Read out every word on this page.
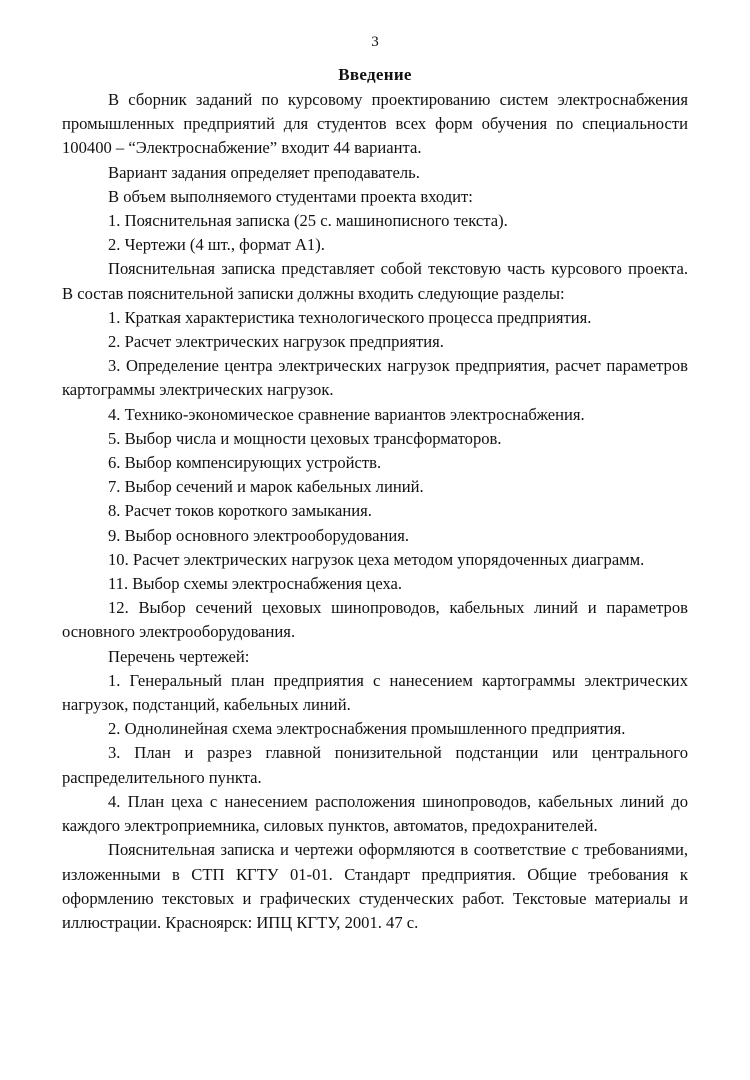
3
Введение

В сборник заданий по курсовому проектированию систем электроснабжения промышленных предприятий для студентов всех форм обучения по специальности 100400 – “Электроснабжение” входит 44 варианта.

Вариант задания определяет преподаватель.

В объем выполняемого студентами проекта входит:

1. Пояснительная записка (25 с. машинописного текста).
2. Чертежи (4 шт., формат А1).

Пояснительная записка представляет собой текстовую часть курсового проекта. В состав пояснительной записки должны входить следующие разделы:

1. Краткая характеристика технологического процесса предприятия.
2. Расчет электрических нагрузок предприятия.
3. Определение центра электрических нагрузок предприятия, расчет параметров картограммы электрических нагрузок.
4. Технико-экономическое сравнение вариантов электроснабжения.
5. Выбор числа и мощности цеховых трансформаторов.
6. Выбор компенсирующих устройств.
7. Выбор сечений и марок кабельных линий.
8. Расчет токов короткого замыкания.
9. Выбор основного электрооборудования.
10. Расчет электрических нагрузок цеха методом упорядоченных диаграмм.
11. Выбор схемы электроснабжения цеха.
12. Выбор сечений цеховых шинопроводов, кабельных линий и параметров основного электрооборудования.

Перечень чертежей:

1. Генеральный план предприятия с нанесением картограммы электрических нагрузок, подстанций, кабельных линий.
2. Однолинейная схема электроснабжения промышленного предприятия.
3. План и разрез главной понизительной подстанции или центрального распределительного пункта.
4. План цеха с нанесением расположения шинопроводов, кабельных линий до каждого электроприемника, силовых пунктов, автоматов, предохранителей.

Пояснительная записка и чертежи оформляются в соответствие с требованиями, изложенными в СТП КГТУ 01-01. Стандарт предприятия. Общие требования к оформлению текстовых и графических студенческих работ. Текстовые материалы и иллюстрации. Красноярск: ИПЦ КГТУ, 2001. 47 с.
